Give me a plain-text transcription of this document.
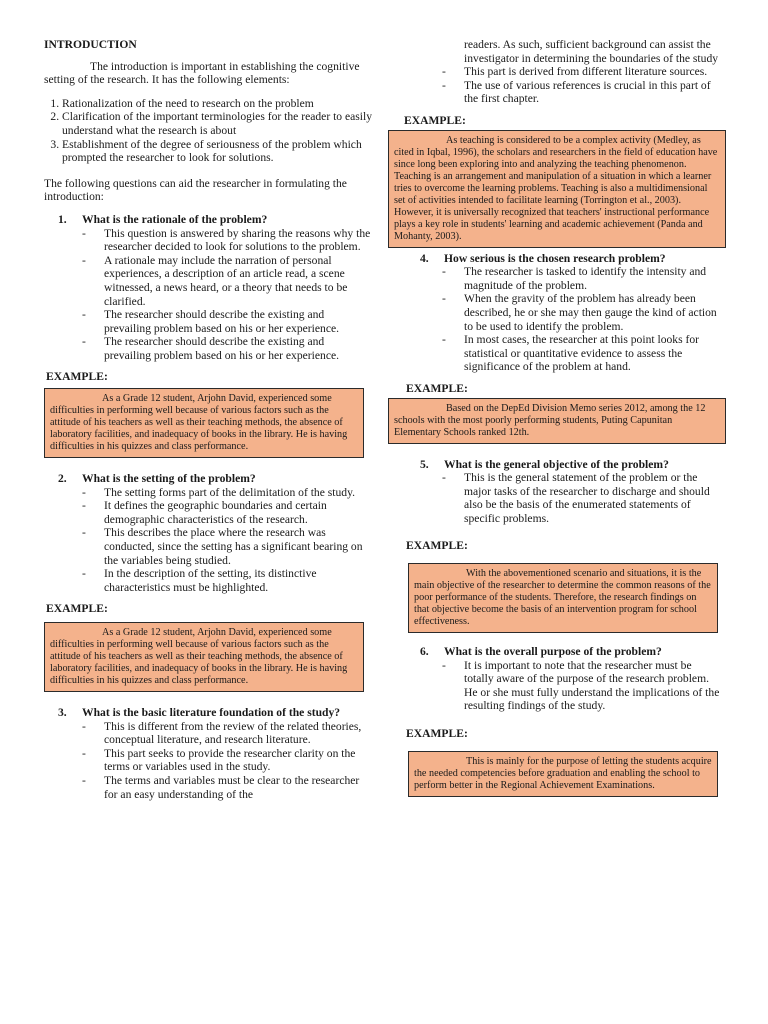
INTRODUCTION

The introduction is important in establishing the cognitive setting of the research. It has the following elements:

1. Rationalization of the need to research on the problem
2. Clarification of the important terminologies for the reader to easily understand what the research is about
3. Establishment of the degree of seriousness of the problem which prompted the researcher to look for solutions.

The following questions can aid the researcher in formulating the introduction:

1.	What is the rationale of the problem?
-	This question is answered by sharing the reasons why the researcher decided to look for solutions to the problem.
-	A rationale may include the narration of personal experiences, a description of an article read, a scene witnessed, a news heard, or a theory that needs to be clarified.
-	The researcher should describe the existing and prevailing problem based on his or her experience.
-	The researcher should describe the existing and prevailing problem based on his or her experience.

EXAMPLE:

As a Grade 12 student, Arjohn David, experienced some difficulties in performing well because of various factors such as the attitude of his teachers as well as their teaching methods, the absence of laboratory facilities, and inadequacy of books in the library. He is having difficulties in his quizzes and class performance.

2.	What is the setting of the problem?
-	The setting forms part of the delimitation of the study.
-	It defines the geographic boundaries and certain demographic characteristics of the research.
-	This describes the place where the research was conducted, since the setting has a significant bearing on the variables being studied.
-	In the description of the setting, its distinctive characteristics must be highlighted.

EXAMPLE:

As a Grade 12 student, Arjohn David, experienced some difficulties in performing well because of various factors such as the attitude of his teachers as well as their teaching methods, the absence of laboratory facilities, and inadequacy of books in the library. He is having difficulties in his quizzes and class performance.

3.	What is the basic literature foundation of the study?
-	This is different from the review of the related theories, conceptual literature, and research literature.
-	This part seeks to provide the researcher clarity on the terms or variables used in the study.
-	The terms and variables must be clear to the researcher for an easy understanding of the

readers. As such, sufficient background can assist the investigator in determining the boundaries of the study

-	This part is derived from different literature sources.
-	The use of various references is crucial in this part of the first chapter.

EXAMPLE:

As teaching is considered to be a complex activity (Medley, as cited in Iqbal, 1996), the scholars and researchers in the field of education have since long been exploring into and analyzing the teaching phenomenon. Teaching is an arrangement and manipulation of a situation in which a learner tries to overcome the learning problems. Teaching is also a multidimensional set of activities intended to facilitate learning (Torrington et al., 2003). However, it is universally recognized that teachers' instructional performance plays a key role in students' learning and academic achievement (Panda and Mohanty, 2003).

4.	How serious is the chosen research problem?
-	The researcher is tasked to identify the intensity and magnitude of the problem.
-	When the gravity of the problem has already been described, he or she may then gauge the kind of action to be used to identify the problem.
-	In most cases, the researcher at this point looks for statistical or quantitative evidence to assess the significance of the problem at hand.

EXAMPLE:

Based on the DepEd Division Memo series 2012, among the 12 schools with the most poorly performing students, Puting Capunitan Elementary Schools ranked 12th.

5.	What is the general objective of the problem?
-	This is the general statement of the problem or the major tasks of the researcher to discharge and should also be the basis of the enumerated statements of specific problems.

EXAMPLE:

With the abovementioned scenario and situations, it is the main objective of the researcher to determine the common reasons of the poor performance of the students. Therefore, the research findings on that objective become the basis of an intervention program for school effectiveness.

6.	What is the overall purpose of the problem?
-	It is important to note that the researcher must be totally aware of the purpose of the research problem. He or she must fully understand the implications of the resulting findings of the study.

EXAMPLE:

This is mainly for the purpose of letting the students acquire the needed competencies before graduation and enabling the school to perform better in the Regional Achievement Examinations.
